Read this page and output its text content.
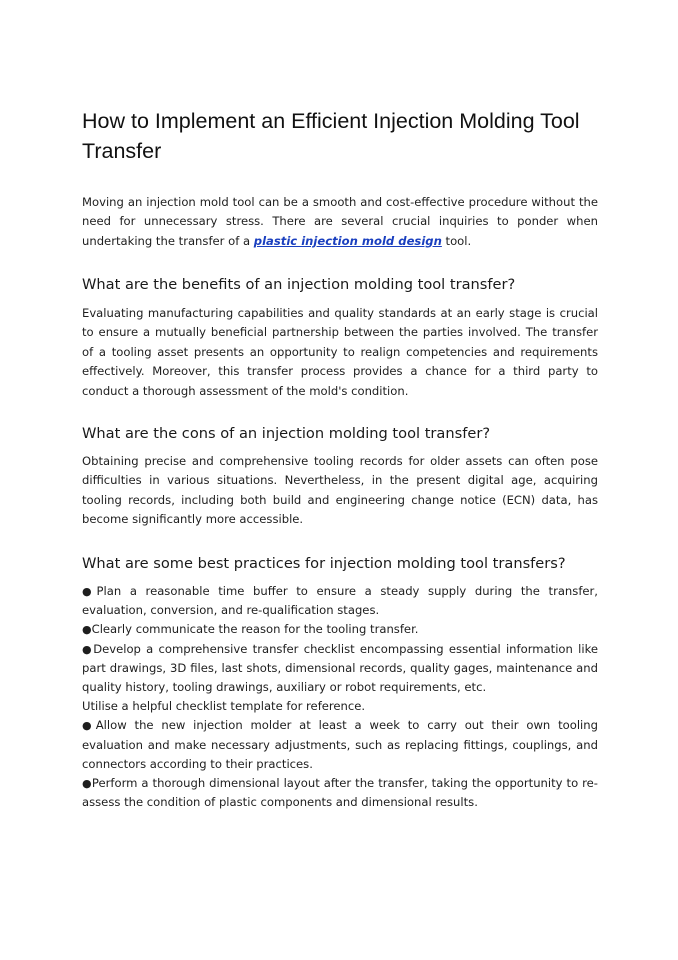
How to Implement an Efficient Injection Molding Tool Transfer

Moving an injection mold tool can be a smooth and cost-effective procedure without the need for unnecessary stress. There are several crucial inquiries to ponder when undertaking the transfer of a plastic injection mold design tool.

What are the benefits of an injection molding tool transfer?

Evaluating manufacturing capabilities and quality standards at an early stage is crucial to ensure a mutually beneficial partnership between the parties involved. The transfer of a tooling asset presents an opportunity to realign competencies and requirements effectively. Moreover, this transfer process provides a chance for a third party to conduct a thorough assessment of the mold's condition.

What are the cons of an injection molding tool transfer?

Obtaining precise and comprehensive tooling records for older assets can often pose difficulties in various situations. Nevertheless, in the present digital age, acquiring tooling records, including both build and engineering change notice (ECN) data, has become significantly more accessible.

What are some best practices for injection molding tool transfers?
●Plan a reasonable time buffer to ensure a steady supply during the transfer, evaluation, conversion, and re-qualification stages.
●Clearly communicate the reason for the tooling transfer.
●Develop a comprehensive transfer checklist encompassing essential information like part drawings, 3D files, last shots, dimensional records, quality gages, maintenance and quality history, tooling drawings, auxiliary or robot requirements, etc.
Utilise a helpful checklist template for reference.
●Allow the new injection molder at least a week to carry out their own tooling evaluation and make necessary adjustments, such as replacing fittings, couplings, and connectors according to their practices.
●Perform a thorough dimensional layout after the transfer, taking the opportunity to re-assess the condition of plastic components and dimensional results.
